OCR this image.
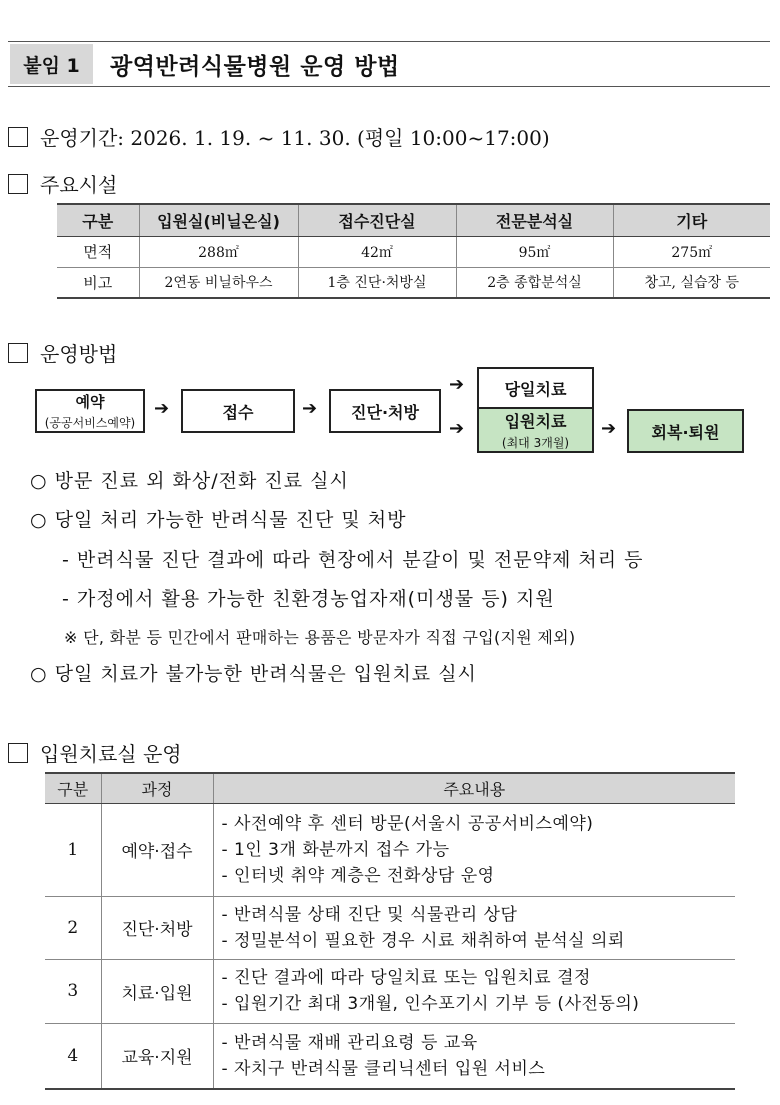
붙임 1	광역반려식물병원 운영 방법
운영기간: 2026. 1. 19. ~ 11. 30. (평일 10:00~17:00)
주요시설
구분	입원실(비닐온실)	접수진단실	전문분석실	기타
면적	288㎡	42㎡	95㎡	275㎡
비고	2연동 비닐하우스	1층 진단·처방실	2층 종합분석실	창고, 실습장 등
운영방법
예약
(공공서비스예약)
➔	접수	➔ 진단·처방
➔
➔
당일치료
입원치료
(최대 3개월)
➔ 회복·퇴원
○ 방문 진료 외 화상/전화 진료 실시
○ 당일 처리 가능한 반려식물 진단 및 처방
- 반려식물 진단 결과에 따라 현장에서 분갈이 및 전문약제 처리 등
- 가정에서 활용 가능한 친환경농업자재(미생물 등) 지원
※ 단, 화분 등 민간에서 판매하는 용품은 방문자가 직접 구입(지원 제외)
○ 당일 치료가 불가능한 반려식물은 입원치료 실시
입원치료실 운영
구분	과정	주요내용
1	예약·접수	- 사전예약 후 센터 방문(서울시 공공서비스예약)
- 1인 3개 화분까지 접수 가능
- 인터넷 취약 계층은 전화상담 운영

2	진단·처방	- 반려식물 상태 진단 및 식물관리 상담
- 정밀분석이 필요한 경우 시료 채취하여 분석실 의뢰

3	치료·입원	- 진단 결과에 따라 당일치료 또는 입원치료 결정
- 입원기간 최대 3개월, 인수포기시 기부 등 (사전동의)

4	교육·지원	- 반려식물 재배 관리요령 등 교육
- 자치구 반려식물 클리닉센터 입원 서비스
